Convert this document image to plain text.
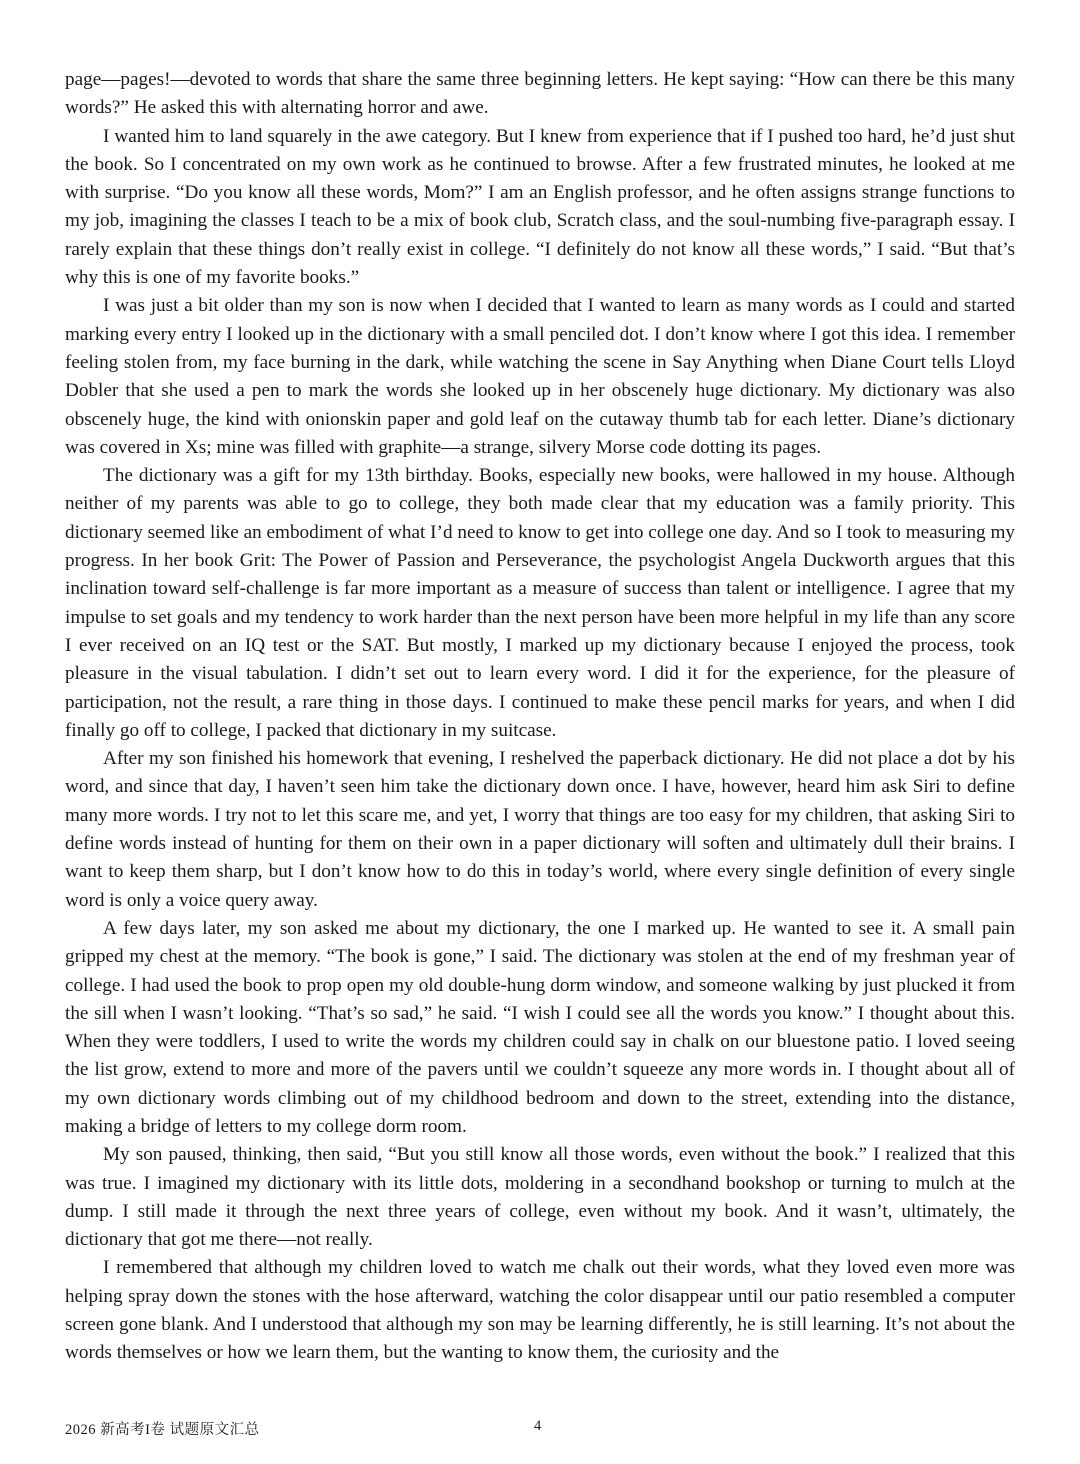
page—pages!—devoted to words that share the same three beginning letters. He kept saying: “How can there be this many words?” He asked this with alternating horror and awe.

I wanted him to land squarely in the awe category. But I knew from experience that if I pushed too hard, he’d just shut the book. So I concentrated on my own work as he continued to browse. After a few frustrated minutes, he looked at me with surprise. “Do you know all these words, Mom?” I am an English professor, and he often assigns strange functions to my job, imagining the classes I teach to be a mix of book club, Scratch class, and the soul-numbing five-paragraph essay. I rarely explain that these things don’t really exist in college. “I definitely do not know all these words,” I said. “But that’s why this is one of my favorite books.”

I was just a bit older than my son is now when I decided that I wanted to learn as many words as I could and started marking every entry I looked up in the dictionary with a small penciled dot. I don’t know where I got this idea. I remember feeling stolen from, my face burning in the dark, while watching the scene in Say Anything when Diane Court tells Lloyd Dobler that she used a pen to mark the words she looked up in her obscenely huge dictionary. My dictionary was also obscenely huge, the kind with onionskin paper and gold leaf on the cutaway thumb tab for each letter. Diane’s dictionary was covered in Xs; mine was filled with graphite—a strange, silvery Morse code dotting its pages.

The dictionary was a gift for my 13th birthday. Books, especially new books, were hallowed in my house. Although neither of my parents was able to go to college, they both made clear that my education was a family priority. This dictionary seemed like an embodiment of what I’d need to know to get into college one day. And so I took to measuring my progress. In her book Grit: The Power of Passion and Perseverance, the psychologist Angela Duckworth argues that this inclination toward self-challenge is far more important as a measure of success than talent or intelligence. I agree that my impulse to set goals and my tendency to work harder than the next person have been more helpful in my life than any score I ever received on an IQ test or the SAT. But mostly, I marked up my dictionary because I enjoyed the process, took pleasure in the visual tabulation. I didn’t set out to learn every word. I did it for the experience, for the pleasure of participation, not the result, a rare thing in those days. I continued to make these pencil marks for years, and when I did finally go off to college, I packed that dictionary in my suitcase.

After my son finished his homework that evening, I reshelved the paperback dictionary. He did not place a dot by his word, and since that day, I haven’t seen him take the dictionary down once. I have, however, heard him ask Siri to define many more words. I try not to let this scare me, and yet, I worry that things are too easy for my children, that asking Siri to define words instead of hunting for them on their own in a paper dictionary will soften and ultimately dull their brains. I want to keep them sharp, but I don’t know how to do this in today’s world, where every single definition of every single word is only a voice query away.

A few days later, my son asked me about my dictionary, the one I marked up. He wanted to see it. A small pain gripped my chest at the memory. “The book is gone,” I said. The dictionary was stolen at the end of my freshman year of college. I had used the book to prop open my old double-hung dorm window, and someone walking by just plucked it from the sill when I wasn’t looking. “That’s so sad,” he said. “I wish I could see all the words you know.” I thought about this. When they were toddlers, I used to write the words my children could say in chalk on our bluestone patio. I loved seeing the list grow, extend to more and more of the pavers until we couldn’t squeeze any more words in. I thought about all of my own dictionary words climbing out of my childhood bedroom and down to the street, extending into the distance, making a bridge of letters to my college dorm room.

My son paused, thinking, then said, “But you still know all those words, even without the book.” I realized that this was true. I imagined my dictionary with its little dots, moldering in a secondhand bookshop or turning to mulch at the dump. I still made it through the next three years of college, even without my book. And it wasn’t, ultimately, the dictionary that got me there—not really.

I remembered that although my children loved to watch me chalk out their words, what they loved even more was helping spray down the stones with the hose afterward, watching the color disappear until our patio resembled a computer screen gone blank. And I understood that although my son may be learning differently, he is still learning. It’s not about the words themselves or how we learn them, but the wanting to know them, the curiosity and the

2026 新高考I卷 试题原文汇总	4
